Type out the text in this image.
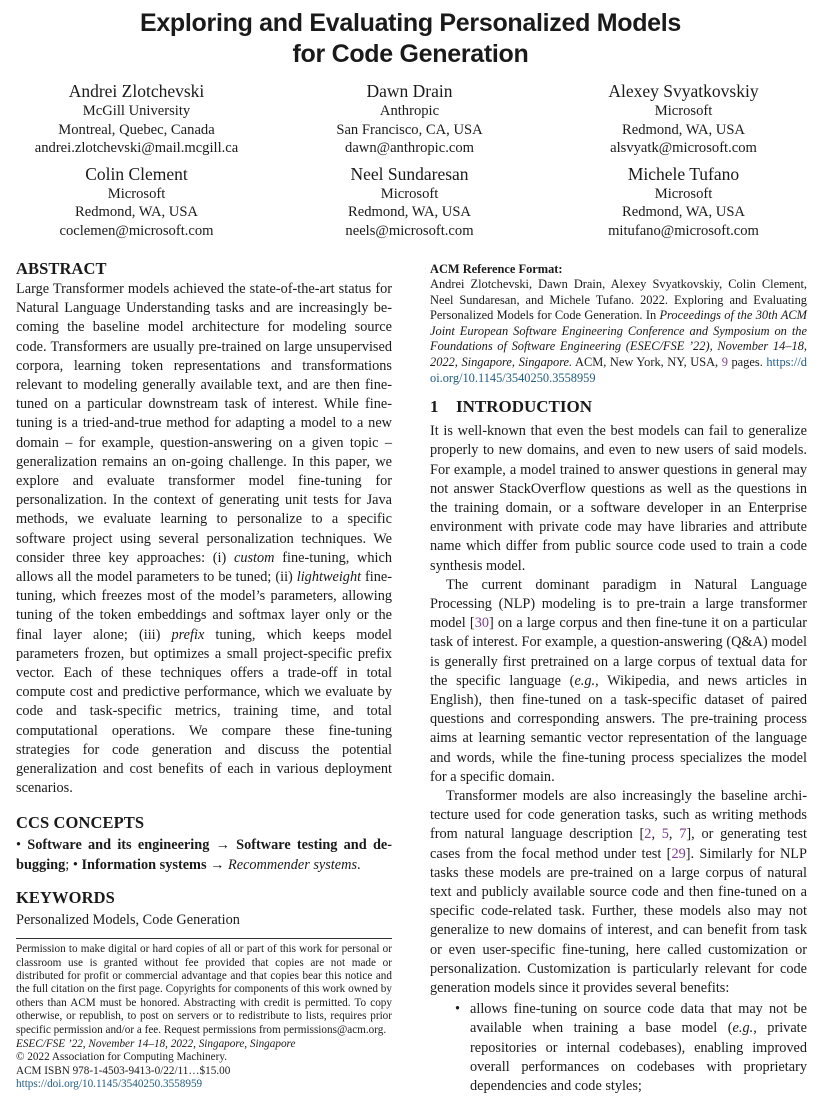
Exploring and Evaluating Personalized Models
for Code Generation
Andrei Zlotchevski
McGill University
Montreal, Quebec, Canada
andrei.zlotchevski@mail.mcgill.ca
Dawn Drain
Anthropic
San Francisco, CA, USA
dawn@anthropic.com
Alexey Svyatkovskiy
Microsoft
Redmond, WA, USA
alsvyatk@microsoft.com
Colin Clement
Microsoft
Redmond, WA, USA
coclemen@microsoft.com
Neel Sundaresan
Microsoft
Redmond, WA, USA
neels@microsoft.com
Michele Tufano
Microsoft
Redmond, WA, USA
mitufano@microsoft.com
ABSTRACT

Large Transformer models achieved the state-of-the-art status for Natural Language Understanding tasks and are increasingly becoming the baseline model architecture for modeling source code. Transformers are usually pre-trained on large unsupervised corpora, learning token representations and transformations relevant to modeling generally available text, and are then fine-tuned on a particular downstream task of interest. While fine-tuning is a tried-and-true method for adapting a model to a new domain – for example, question-answering on a given topic – generalization remains an on-going challenge. In this paper, we explore and evaluate transformer model fine-tuning for personalization. In the context of generating unit tests for Java methods, we evaluate learning to personalize to a specific software project using several personalization techniques. We consider three key approaches: (i) custom fine-tuning, which allows all the model parameters to be tuned; (ii) lightweight fine-tuning, which freezes most of the model’s parameters, allowing tuning of the token embeddings and softmax layer only or the final layer alone; (iii) prefix tuning, which keeps model parameters frozen, but optimizes a small project-specific prefix vector. Each of these techniques offers a trade-off in total compute cost and predictive performance, which we evaluate by code and task-specific metrics, training time, and total computational operations. We compare these fine-tuning strategies for code generation and discuss the potential generalization and cost benefits of each in various deployment scenarios.

CCS CONCEPTS
• Software and its engineering → Software testing and debugging; • Information systems → Recommender systems.
KEYWORDS
Personalized Models, Code Generation
Permission to make digital or hard copies of all or part of this work for personal or classroom use is granted without fee provided that copies are not made or distributed for profit or commercial advantage and that copies bear this notice and the full citation on the first page. Copyrights for components of this work owned by others than ACM must be honored. Abstracting with credit is permitted. To copy otherwise, or republish, to post on servers or to redistribute to lists, requires prior specific permission and/or a fee. Request permissions from permissions@acm.org.
ESEC/FSE ’22, November 14–18, 2022, Singapore, Singapore
© 2022 Association for Computing Machinery.
ACM ISBN 978-1-4503-9413-0/22/11…$15.00
https://doi.org/10.1145/3540250.3558959
ACM Reference Format:
Andrei Zlotchevski, Dawn Drain, Alexey Svyatkovskiy, Colin Clement, Neel Sundaresan, and Michele Tufano. 2022. Exploring and Evaluating Personalized Models for Code Generation. In Proceedings of the 30th ACM Joint European Software Engineering Conference and Symposium on the Foundations of Software Engineering (ESEC/FSE ’22), November 14–18, 2022, Singapore, Singapore. ACM, New York, NY, USA, 9 pages. https://doi.org/10.1145/3540250.3558959
1 INTRODUCTION

It is well-known that even the best models can fail to generalize properly to new domains, and even to new users of said models. For example, a model trained to answer questions in general may not answer StackOverflow questions as well as the questions in the training domain, or a software developer in an Enterprise environment with private code may have libraries and attribute name which differ from public source code used to train a code synthesis model.

The current dominant paradigm in Natural Language Processing (NLP) modeling is to pre-train a large transformer model [30] on a large corpus and then fine-tune it on a particular task of interest. For example, a question-answering (Q&A) model is generally first pretrained on a large corpus of textual data for the specific language (e.g., Wikipedia, and news articles in English), then fine-tuned on a task-specific dataset of paired questions and corresponding answers. The pre-training process aims at learning semantic vector representation of the language and words, while the fine-tuning process specializes the model for a specific domain.

Transformer models are also increasingly the baseline architecture used for code generation tasks, such as writing methods from natural language description [2, 5, 7], or generating test cases from the focal method under test [29]. Similarly for NLP tasks these models are pre-trained on a large corpus of natural text and publicly available source code and then fine-tuned on a specific code-related task. Further, these models also may not generalize to new domains of interest, and can benefit from task or even user-specific fine-tuning, here called customization or personalization. Customization is particularly relevant for code generation models since it provides several benefits:

• allows fine-tuning on source code data that may not be available when training a base model (e.g., private repositories or internal codebases), enabling improved overall performances on codebases with proprietary dependencies and code styles;
